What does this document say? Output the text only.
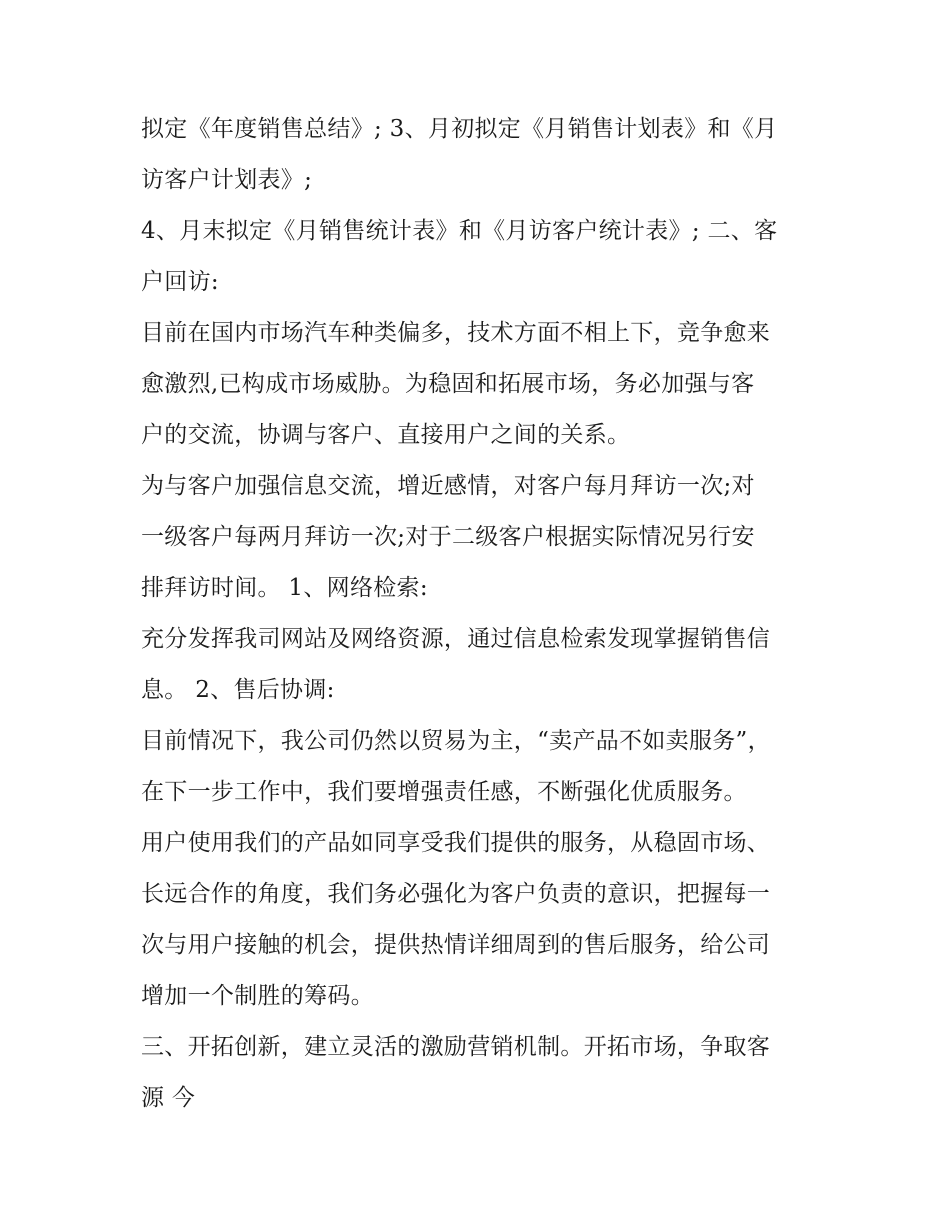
拟定《年度销售总结》; 3、月初拟定《月销售计划表》和《月
访客户计划表》;
4、月末拟定《月销售统计表》和《月访客户统计表》; 二、客
户回访:
目前在国内市场汽车种类偏多，技术方面不相上下，竞争愈来
愈激烈,已构成市场威胁。为稳固和拓展市场，务必加强与客
户的交流，协调与客户、直接用户之间的关系。
为与客户加强信息交流，增近感情，对客户每月拜访一次;对
一级客户每两月拜访一次;对于二级客户根据实际情况另行安
排拜访时间。 1、网络检索:
充分发挥我司网站及网络资源，通过信息检索发现掌握销售信
息。 2、售后协调:
目前情况下，我公司仍然以贸易为主，“卖产品不如卖服务”，
在下一步工作中，我们要增强责任感，不断强化优质服务。
用户使用我们的产品如同享受我们提供的服务，从稳固市场、
长远合作的角度，我们务必强化为客户负责的意识，把握每一
次与用户接触的机会，提供热情详细周到的售后服务，给公司
增加一个制胜的筹码。
三、开拓创新，建立灵活的激励营销机制。开拓市场，争取客
源 今
